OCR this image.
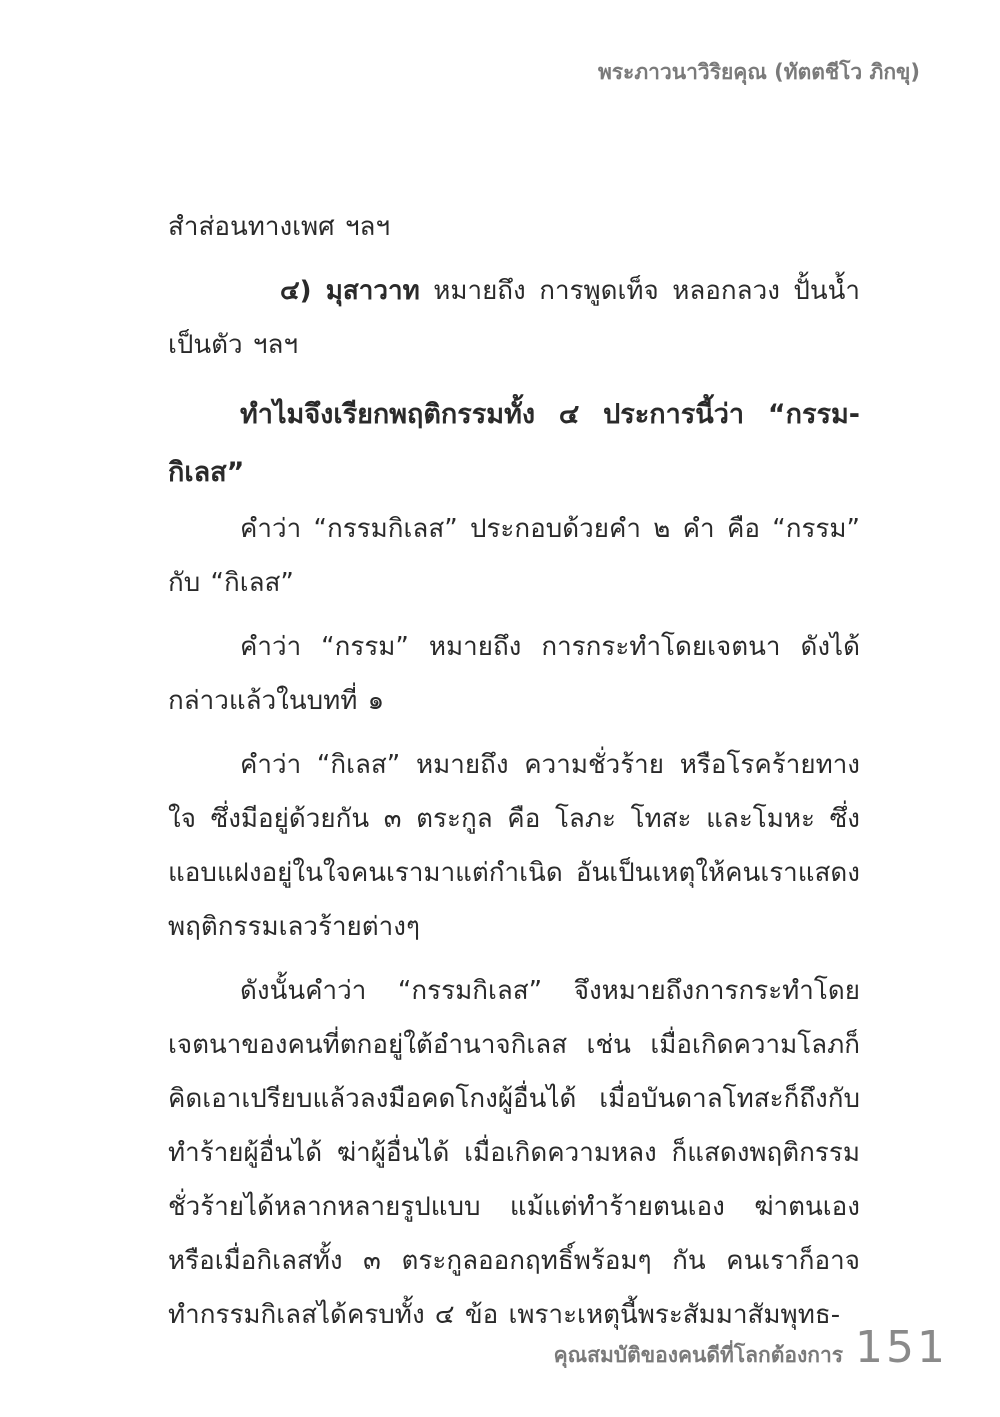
พระภาวนาวิริยคุณ (ทัตตชีโว ภิกขุ)

สำส่อนทางเพศ ฯลฯ

๔) มุสาวาท หมายถึง การพูดเท็จ หลอกลวง ปั้นน้ำเป็นตัว ฯลฯ

ทำไมจึงเรียกพฤติกรรมทั้ง ๔ ประการนี้ว่า “กรรม-กิเลส”

คำว่า “กรรมกิเลส” ประกอบด้วยคำ ๒ คำ คือ “กรรม” กับ “กิเลส”

คำว่า “กรรม” หมายถึง การกระทำโดยเจตนา ดังได้กล่าวแล้วในบทที่ ๑

คำว่า “กิเลส” หมายถึง ความชั่วร้าย หรือโรคร้ายทางใจ ซึ่งมีอยู่ด้วยกัน ๓ ตระกูล คือ โลภะ โทสะ และโมหะ ซึ่งแอบแฝงอยู่ในใจคนเรามาแต่กำเนิด อันเป็นเหตุให้คนเราแสดงพฤติกรรมเลวร้ายต่างๆ

ดังนั้นคำว่า “กรรมกิเลส” จึงหมายถึงการกระทำโดยเจตนาของคนที่ตกอยู่ใต้อำนาจกิเลส เช่น เมื่อเกิดความโลภก็คิดเอาเปรียบแล้วลงมือคดโกงผู้อื่นได้ เมื่อบันดาลโทสะก็ถึงกับทำร้ายผู้อื่นได้ ฆ่าผู้อื่นได้ เมื่อเกิดความหลง ก็แสดงพฤติกรรมชั่วร้ายได้หลากหลายรูปแบบ แม้แต่ทำร้ายตนเอง ฆ่าตนเองหรือเมื่อกิเลสทั้ง ๓ ตระกูลออกฤทธิ์พร้อมๆ กัน คนเราก็อาจทำกรรมกิเลสได้ครบทั้ง ๔ ข้อ เพราะเหตุนี้พระสัมมาสัมพุทธ-

คุณสมบัติของคนดีที่โลกต้องการ 151
